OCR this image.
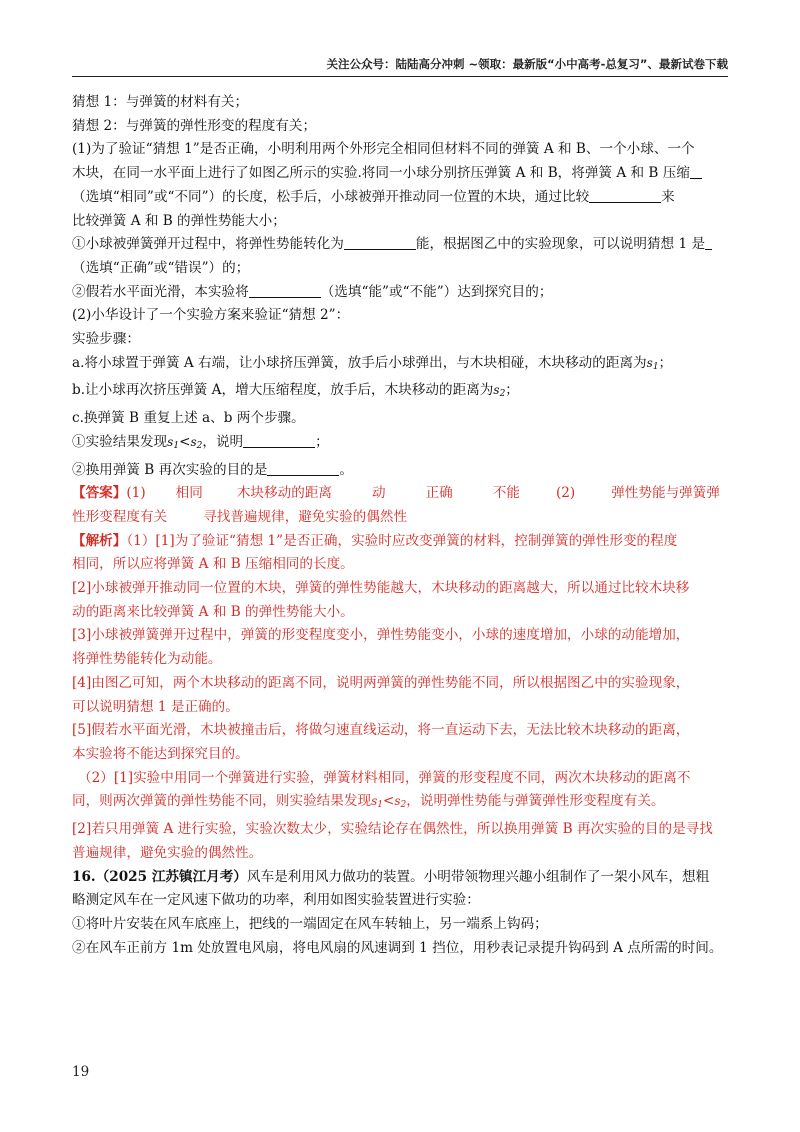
关注公众号：陆陆高分冲刺 ~领取：最新版“小中高考-总复习”、最新试卷下载
猜想 1：与弹簧的材料有关；
猜想 2：与弹簧的弹性形变的程度有关；
(1)为了验证“猜想 1”是否正确，小明利用两个外形完全相同但材料不同的弹簧 A 和 B、一个小球、一个
木块，在同一水平面上进行了如图乙所示的实验.将同一小球分别挤压弹簧 A 和 B，将弹簧 A 和 B 压缩
（选填“相同”或“不同”）的长度，松手后，小球被弹开推动同一位置的木块，通过比较	来
比较弹簧 A 和 B 的弹性势能大小；
①小球被弹簧弹开过程中，将弹性势能转化为	能，根据图乙中的实验现象，可以说明猜想 1 是
（选填“正确”或“错误”）的；
②假若水平面光滑，本实验将	（选填“能”或“不能”）达到探究目的；
(2)小华设计了一个实验方案来验证“猜想 2”：
实验步骤：
a.将小球置于弹簧 A 右端，让小球挤压弹簧，放手后小球弹出，与木块相碰，木块移动的距离为$s_1$；
b.让小球再次挤压弹簧 A，增大压缩程度，放手后，木块移动的距离为$s_2$；
c.换弹簧 B 重复上述 a、b 两个步骤。
①实验结果发现$s_1<s_2$，说明	；
②换用弹簧 B 再次实验的目的是	。
【答案】(1) 相同	木块移动的距离	动	正确	不能	(2)	弹性势能与弹簧弹
性形变程度有关	寻找普遍规律，避免实验的偶然性
【解析】（1）[1]为了验证“猜想 1”是否正确，实验时应改变弹簧的材料，控制弹簧的弹性形变的程度
相同，所以应将弹簧 A 和 B 压缩相同的长度。
[2]小球被弹开推动同一位置的木块，弹簧的弹性势能越大，木块移动的距离越大，所以通过比较木块移
动的距离来比较弹簧 A 和 B 的弹性势能大小。
[3]小球被弹簧弹开过程中，弹簧的形变程度变小，弹性势能变小，小球的速度增加，小球的动能增加，
将弹性势能转化为动能。
[4]由图乙可知，两个木块移动的距离不同，说明两弹簧的弹性势能不同，所以根据图乙中的实验现象，
可以说明猜想 1 是正确的。
[5]假若水平面光滑，木块被撞击后，将做匀速直线运动，将一直运动下去，无法比较木块移动的距离，
本实验将不能达到探究目的。
（2）[1]实验中用同一个弹簧进行实验，弹簧材料相同，弹簧的形变程度不同，两次木块移动的距离不
同，则两次弹簧的弹性势能不同，则实验结果发现$s_1<s_2$，说明弹性势能与弹簧弹性形变程度有关。
[2]若只用弹簧 A 进行实验，实验次数太少，实验结论存在偶然性，所以换用弹簧 B 再次实验的目的是寻找
普遍规律，避免实验的偶然性。
16.（2025 江苏镇江月考）风车是利用风力做功的装置。小明带领物理兴趣小组制作了一架小风车，想粗
略测定风车在一定风速下做功的功率，利用如图实验装置进行实验：
①将叶片安装在风车底座上，把线的一端固定在风车转轴上，另一端系上钩码；
②在风车正前方 1m 处放置电风扇，将电风扇的风速调到 1 挡位，用秒表记录提升钩码到 A 点所需的时间。
19
